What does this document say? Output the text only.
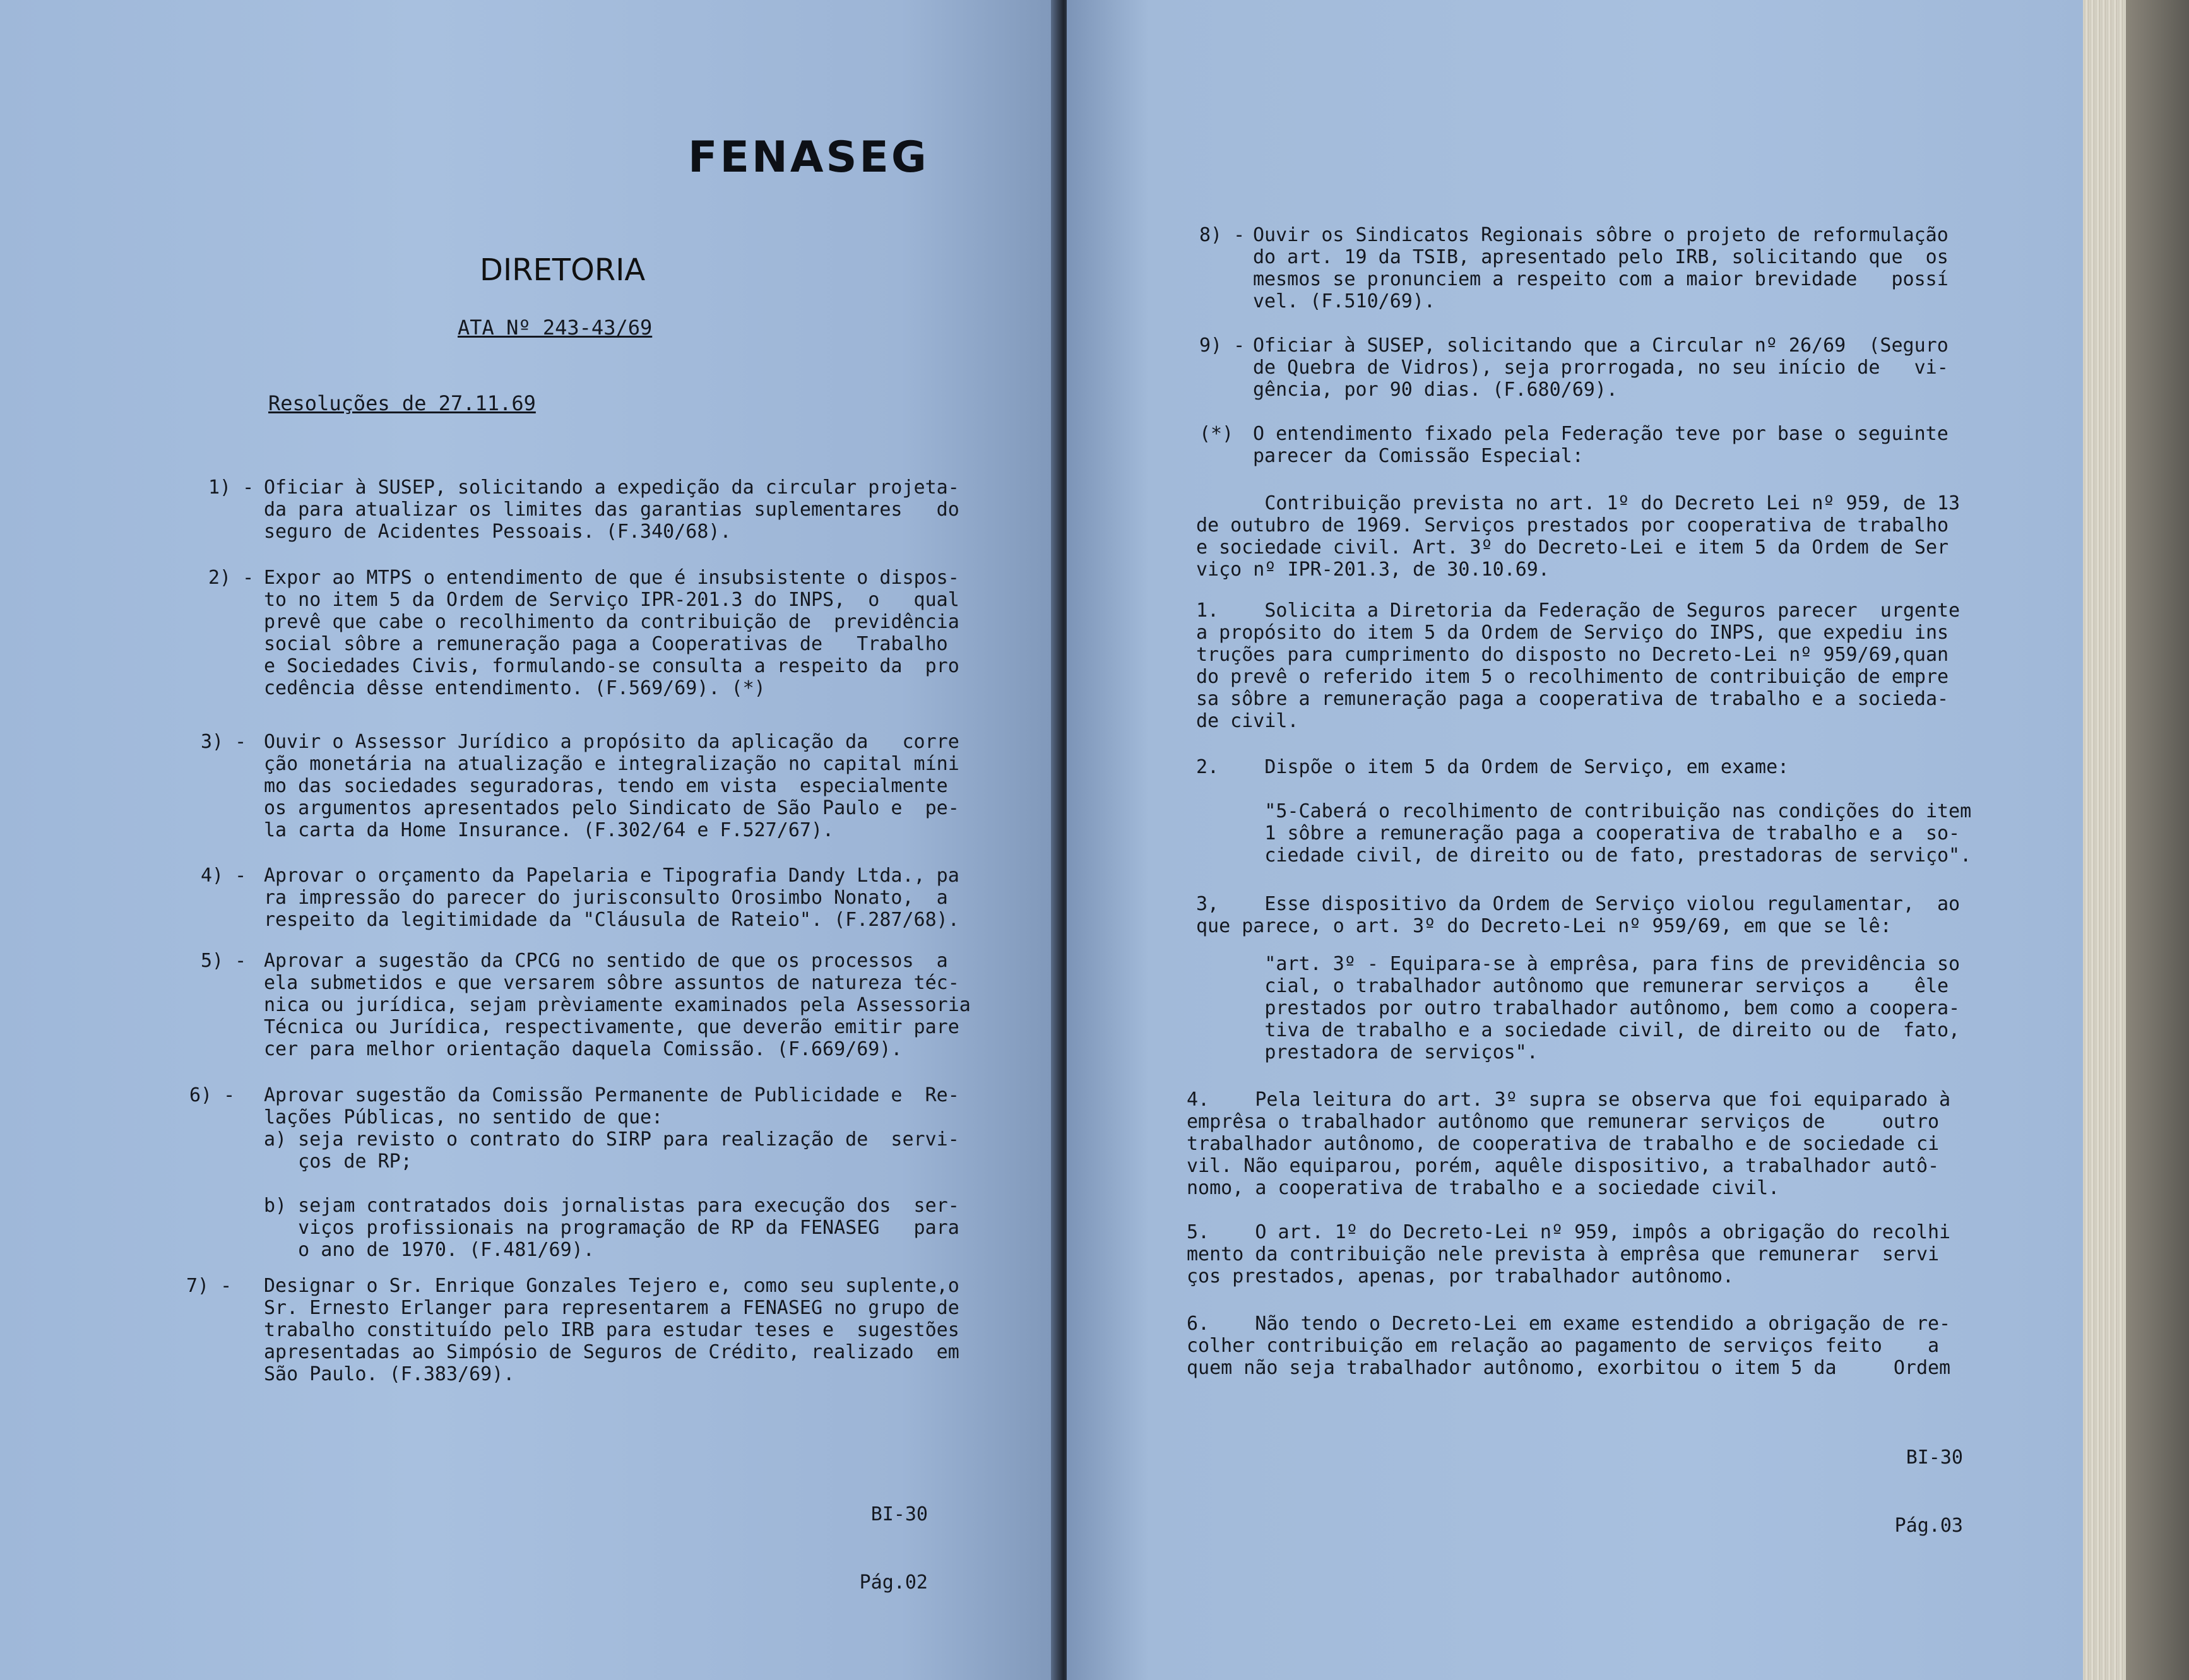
FENASEG
DIRETORIA
ATA Nº 243-43/69
Resoluções de 27.11.69
1) - Oficiar à SUSEP, solicitando a expedição da circular projeta-

da para atualizar os limites das garantias suplementares   do

seguro de Acidentes Pessoais. (F.340/68).

2) - Expor ao MTPS o entendimento de que é insubsistente o dispos-

to no item 5 da Ordem de Serviço IPR-201.3 do INPS,  o   qual

prevê que cabe o recolhimento da contribuição de  previdência

social sôbre a remuneração paga a Cooperativas de   Trabalho

e Sociedades Civis, formulando-se consulta a respeito da  pro

cedência dêsse entendimento. (F.569/69). (*)

3) - Ouvir o Assessor Jurídico a propósito da aplicação da   corre

ção monetária na atualização e integralização no capital míni

mo das sociedades seguradoras, tendo em vista  especialmente

os argumentos apresentados pelo Sindicato de São Paulo e  pe-

la carta da Home Insurance. (F.302/64 e F.527/67).

4) - Aprovar o orçamento da Papelaria e Tipografia Dandy Ltda., pa

ra impressão do parecer do jurisconsulto Orosimbo Nonato,  a

respeito da legitimidade da "Cláusula de Rateio". (F.287/68).

5) - Aprovar a sugestão da CPCG no sentido de que os processos  a

ela submetidos e que versarem sôbre assuntos de natureza téc-

nica ou jurídica, sejam prèviamente examinados pela Assessoria

Técnica ou Jurídica, respectivamente, que deverão emitir pare

cer para melhor orientação daquela Comissão. (F.669/69).

6) - Aprovar sugestão da Comissão Permanente de Publicidade e  Re-

lações Públicas, no sentido de que:

a) seja revisto o contrato do SIRP para realização de  servi-

ços de RP;

b) sejam contratados dois jornalistas para execução dos  ser-

viços profissionais na programação de RP da FENASEG   para

o ano de 1970. (F.481/69).

7) - Designar o Sr. Enrique Gonzales Tejero e, como seu suplente,o

Sr. Ernesto Erlanger para representarem a FENASEG no grupo de

trabalho constituído pelo IRB para estudar teses e  sugestões

apresentadas ao Simpósio de Seguros de Crédito, realizado  em

São Paulo. (F.383/69).

BI-30

Pág.02

8) - Ouvir os Sindicatos Regionais sôbre o projeto de reformulação

do art. 19 da TSIB, apresentado pelo IRB, solicitando que  os

mesmos se pronunciem a respeito com a maior brevidade   possí

vel. (F.510/69).

9) - Oficiar à SUSEP, solicitando que a Circular nº 26/69  (Seguro

de Quebra de Vidros), seja prorrogada, no seu início de   vi-

gência, por 90 dias. (F.680/69).

(*) O entendimento fixado pela Federação teve por base o seguinte

parecer da Comissão Especial:

Contribuição prevista no art. 1º do Decreto Lei nº 959, de 13

de outubro de 1969. Serviços prestados por cooperativa de trabalho

e sociedade civil. Art. 3º do Decreto-Lei e item 5 da Ordem de Ser

viço nº IPR-201.3, de 30.10.69.

1.    Solicita a Diretoria da Federação de Seguros parecer  urgente

a propósito do item 5 da Ordem de Serviço do INPS, que expediu ins

truções para cumprimento do disposto no Decreto-Lei nº 959/69,quan

do prevê o referido item 5 o recolhimento de contribuição de empre

sa sôbre a remuneração paga a cooperativa de trabalho e a socieda-

de civil.

2.    Dispõe o item 5 da Ordem de Serviço, em exame:

"5-Caberá o recolhimento de contribuição nas condições do item

1 sôbre a remuneração paga a cooperativa de trabalho e a  so-

ciedade civil, de direito ou de fato, prestadoras de serviço".

3,    Esse dispositivo da Ordem de Serviço violou regulamentar,  ao

que parece, o art. 3º do Decreto-Lei nº 959/69, em que se lê:

"art. 3º - Equipara-se à emprêsa, para fins de previdência so

cial, o trabalhador autônomo que remunerar serviços a    êle

prestados por outro trabalhador autônomo, bem como a coopera-

tiva de trabalho e a sociedade civil, de direito ou de  fato,

prestadora de serviços".

4.    Pela leitura do art. 3º supra se observa que foi equiparado à

emprêsa o trabalhador autônomo que remunerar serviços de     outro

trabalhador autônomo, de cooperativa de trabalho e de sociedade ci

vil. Não equiparou, porém, aquêle dispositivo, a trabalhador autô-

nomo, a cooperativa de trabalho e a sociedade civil.

5.    O art. 1º do Decreto-Lei nº 959, impôs a obrigação do recolhi

mento da contribuição nele prevista à emprêsa que remunerar  servi

ços prestados, apenas, por trabalhador autônomo.

6.    Não tendo o Decreto-Lei em exame estendido a obrigação de re-

colher contribuição em relação ao pagamento de serviços feito    a

quem não seja trabalhador autônomo, exorbitou o item 5 da     Ordem

BI-30

Pág.03
